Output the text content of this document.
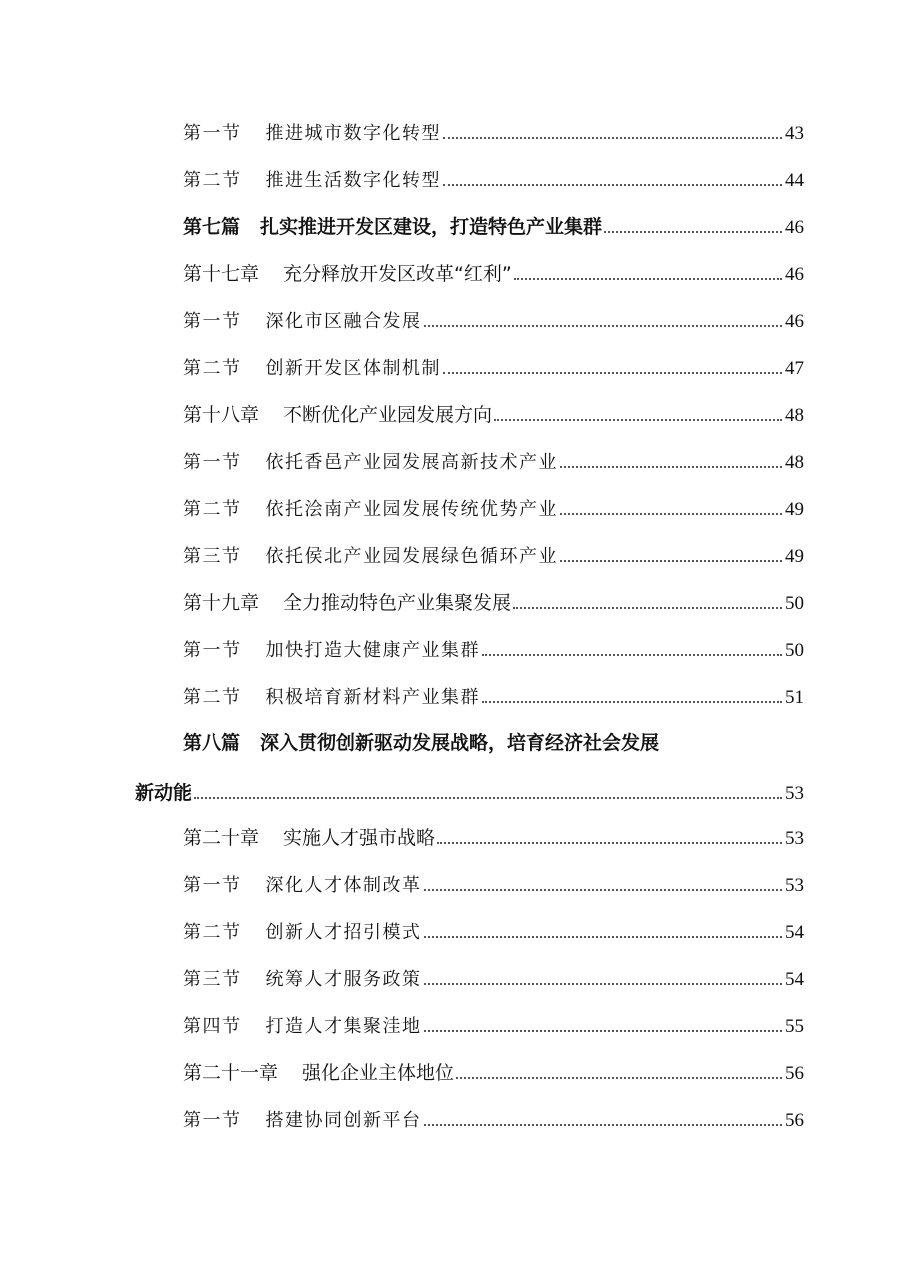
第一节 推进城市数字化转型	43
第二节 推进生活数字化转型	44
第七篇 扎实推进开发区建设，打造特色产业集群	46
第十七章 充分释放开发区改革“红利”	46
第一节 深化市区融合发展	46
第二节 创新开发区体制机制	47
第十八章 不断优化产业园发展方向	48
第一节 依托香邑产业园发展高新技术产业	48
第二节 依托浍南产业园发展传统优势产业	49
第三节 依托侯北产业园发展绿色循环产业	49
第十九章 全力推动特色产业集聚发展	50
第一节 加快打造大健康产业集群	50
第二节 积极培育新材料产业集群	51
第八篇 深入贯彻创新驱动发展战略，培育经济社会发展
新动能	53
第二十章 实施人才强市战略	53
第一节 深化人才体制改革	53
第二节 创新人才招引模式	54
第三节 统筹人才服务政策	54
第四节 打造人才集聚洼地	55
第二十一章 强化企业主体地位	56
第一节 搭建协同创新平台	56
